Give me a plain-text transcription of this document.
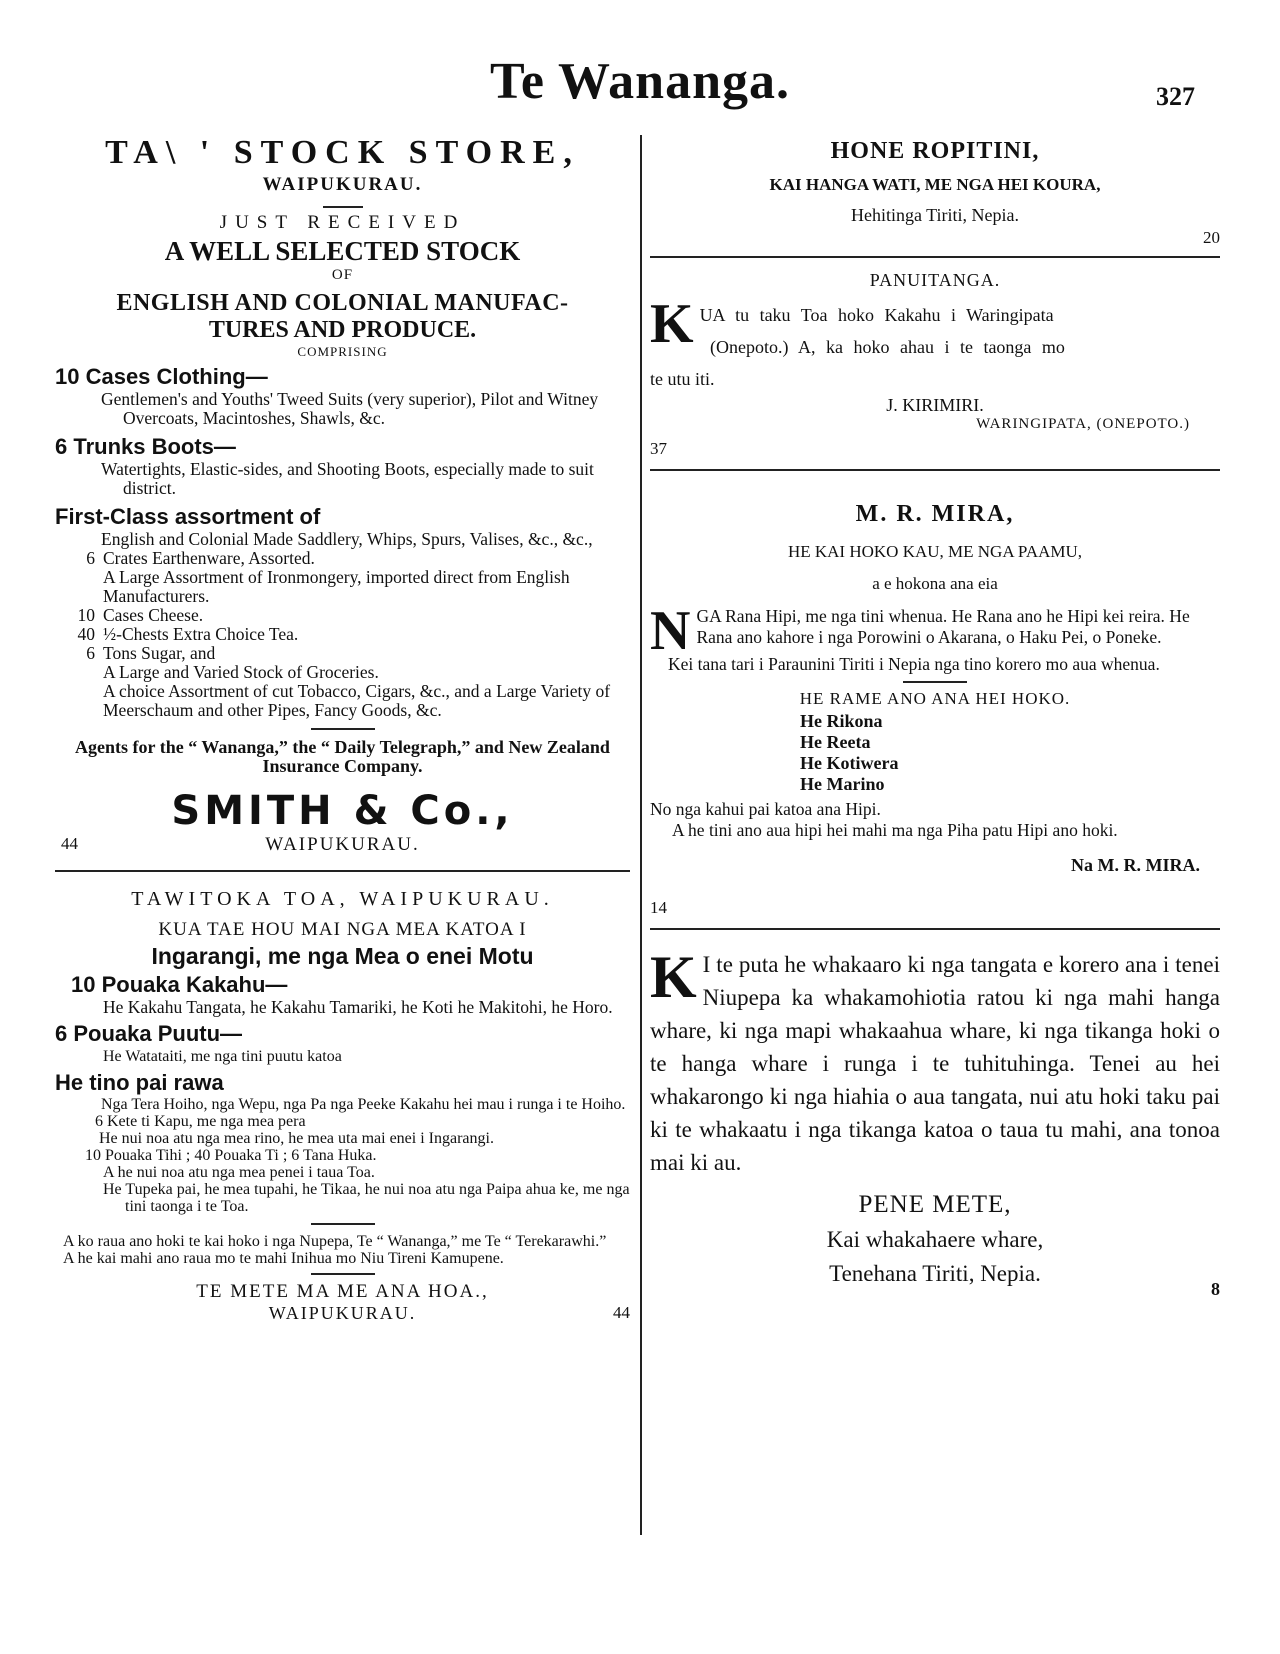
Te Wananga.	327
TA\ ' STOCK STORE,
WAIPUKURAU.
JUST RECEIVED
A WELL SELECTED STOCK
OF
ENGLISH AND COLONIAL MANUFAC-
TURES AND PRODUCE.
COMPRISING
10 Cases Clothing—
Gentlemen's and Youths' Tweed Suits (very superior), Pilot and Witney Overcoats, Macintoshes, Shawls, &c.
6 Trunks Boots—
Watertights, Elastic-sides, and Shooting Boots, especially made to suit district.
First-Class assortment of
English and Colonial Made Saddlery, Whips, Spurs, Valises, &c., &c.,
6 Crates Earthenware, Assorted.
A Large Assortment of Ironmongery, imported direct from English Manufacturers.
10 Cases Cheese.
40 ½-Chests Extra Choice Tea.
6 Tons Sugar, and
A Large and Varied Stock of Groceries.
A choice Assortment of cut Tobacco, Cigars, &c., and a Large Variety of Meerschaum and other Pipes, Fancy Goods, &c.
Agents for the “ Wananga,” the “ Daily Telegraph,” and New Zealand Insurance Company.
SMITH & Co.,
44	WAIPUKURAU.
TAWITOKA TOA, WAIPUKURAU.
KUA TAE HOU MAI NGA MEA KATOA I
Ingarangi, me nga Mea o enei Motu
10 Pouaka Kakahu—
He Kakahu Tangata, he Kakahu Tamariki, he Koti he Makitohi, he Horo.
6 Pouaka Puutu—
He Watataiti, me nga tini puutu katoa
He tino pai rawa
Nga Tera Hoiho, nga Wepu, nga Pa nga Peeke Kakahu hei mau i runga i te Hoiho.
6 Kete ti Kapu, me nga mea pera
He nui noa atu nga mea rino, he mea uta mai enei i Ingarangi.
10 Pouaka Tihi ; 40 Pouaka Ti ; 6 Tana Huka.
A he nui noa atu nga mea penei i taua Toa.
He Tupeka pai, he mea tupahi, he Tikaa, he nui noa atu nga Paipa ahua ke, me nga tini taonga i te Toa.
A ko raua ano hoki te kai hoko i nga Nupepa, Te “ Wananga,” me Te “ Terekarawhi.”
A he kai mahi ano raua mo te mahi Inihua mo Niu Tireni Kamupene.
TE METE MA ME ANA HOA.,
WAIPUKURAU.	44
HONE ROPITINI,
KAI HANGA WATI, ME NGA HEI KOURA,
Hehitinga Tiriti, Nepia.
20
PANUITANGA.
K UA tu taku Toa hoko Kakahu i Waringipata
(Onepoto.) A, ka hoko ahau i te taonga mo
te utu iti.
J. KIRIMIRI.
WARINGIPATA, (ONEPOTO.)
37
M. R. MIRA,
HE KAI HOKO KAU, ME NGA PAAMU,
a e hokona ana eia
N GA Rana Hipi, me nga tini whenua. He Rana ano he Hipi kei reira. He Rana ano kahore i nga Porowini o Akarana, o Haku Pei, o Poneke.
Kei tana tari i Paraunini Tiriti i Nepia nga tino korero mo aua whenua.
HE RAME ANO ANA HEI HOKO.
He Rikona
He Reeta
He Kotiwera
He Marino
No nga kahui pai katoa ana Hipi.
A he tini ano aua hipi hei mahi ma nga Piha patu Hipi ano hoki.
Na M. R. MIRA.
14
K I te puta he whakaaro ki nga tangata e korero ana i tenei Niupepa ka whakamohiotia ratou ki nga mahi hanga whare, ki nga mapi whakaahua whare, ki nga tikanga hoki o te hanga whare i runga i te tuhituhinga. Tenei au hei whakarongo ki nga hiahia o aua tangata, nui atu hoki taku pai ki te whakaatu i nga tikanga katoa o taua tu mahi, ana tonoa mai ki au.
PENE METE,
Kai whakahaere whare,
Tenehana Tiriti, Nepia.
8
